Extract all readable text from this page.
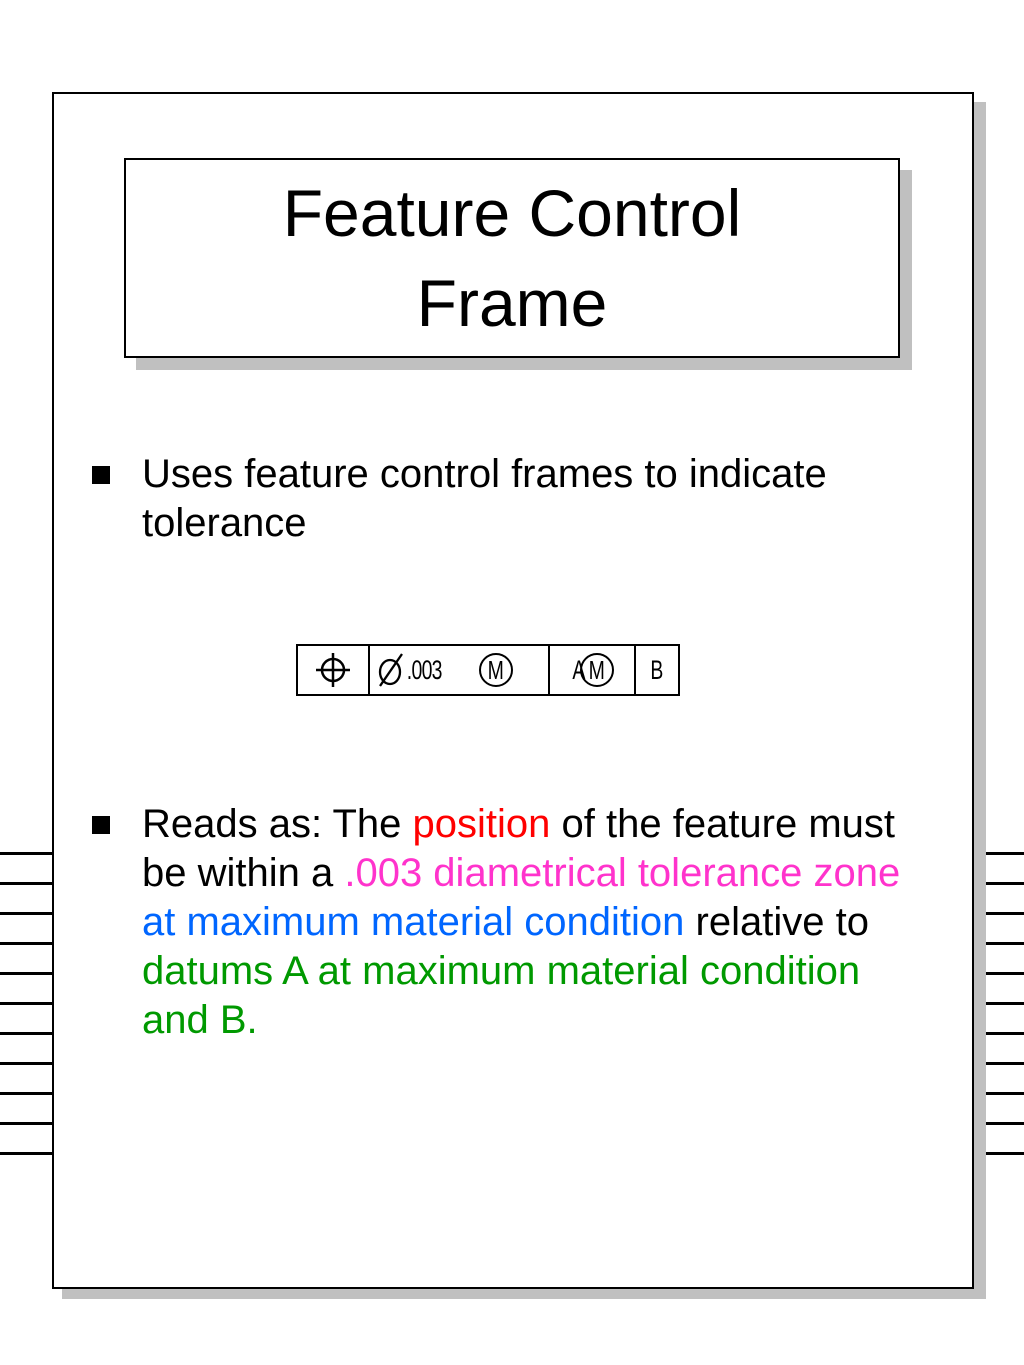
Feature Control Frame
Uses feature control frames to indicate tolerance
.003 M	A M B
Reads as: The position of the feature must be within a .003 diametrical tolerance zone at maximum material condition relative to datums A at maximum material condition and B.
